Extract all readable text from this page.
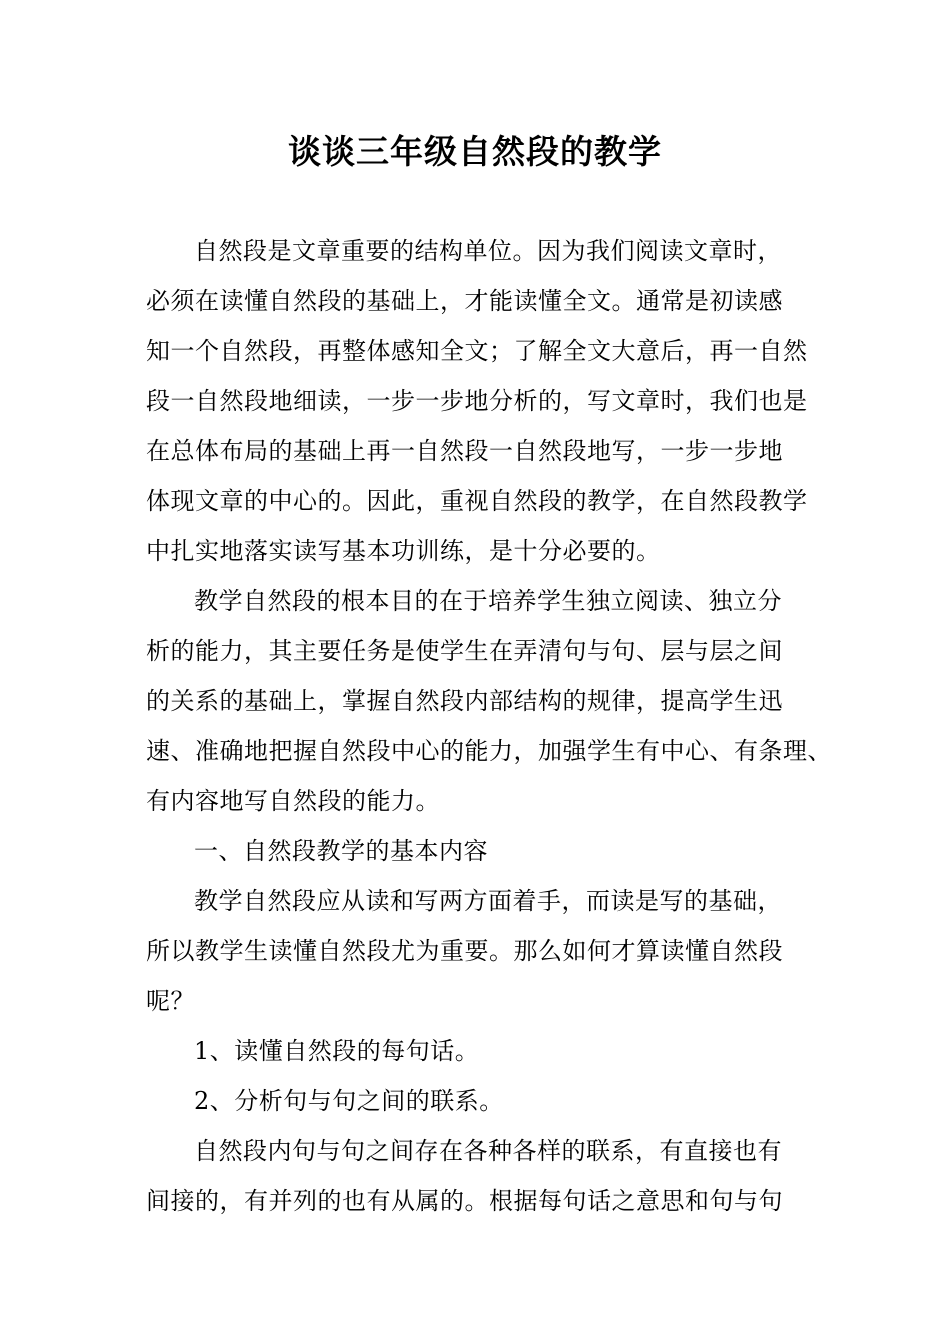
谈谈三年级自然段的教学
自然段是文章重要的结构单位。因为我们阅读文章时，
必须在读懂自然段的基础上，才能读懂全文。通常是初读感
知一个自然段，再整体感知全文；了解全文大意后，再一自然
段一自然段地细读，一步一步地分析的，写文章时，我们也是
在总体布局的基础上再一自然段一自然段地写，一步一步地
体现文章的中心的。因此，重视自然段的教学，在自然段教学
中扎实地落实读写基本功训练，是十分必要的。
教学自然段的根本目的在于培养学生独立阅读、独立分
析的能力，其主要任务是使学生在弄清句与句、层与层之间
的关系的基础上，掌握自然段内部结构的规律，提高学生迅
速、准确地把握自然段中心的能力，加强学生有中心、有条理、
有内容地写自然段的能力。
一、自然段教学的基本内容
教学自然段应从读和写两方面着手，而读是写的基础，
所以教学生读懂自然段尤为重要。那么如何才算读懂自然段
呢？
1、读懂自然段的每句话。
2、分析句与句之间的联系。
自然段内句与句之间存在各种各样的联系，有直接也有
间接的，有并列的也有从属的。根据每句话之意思和句与句
